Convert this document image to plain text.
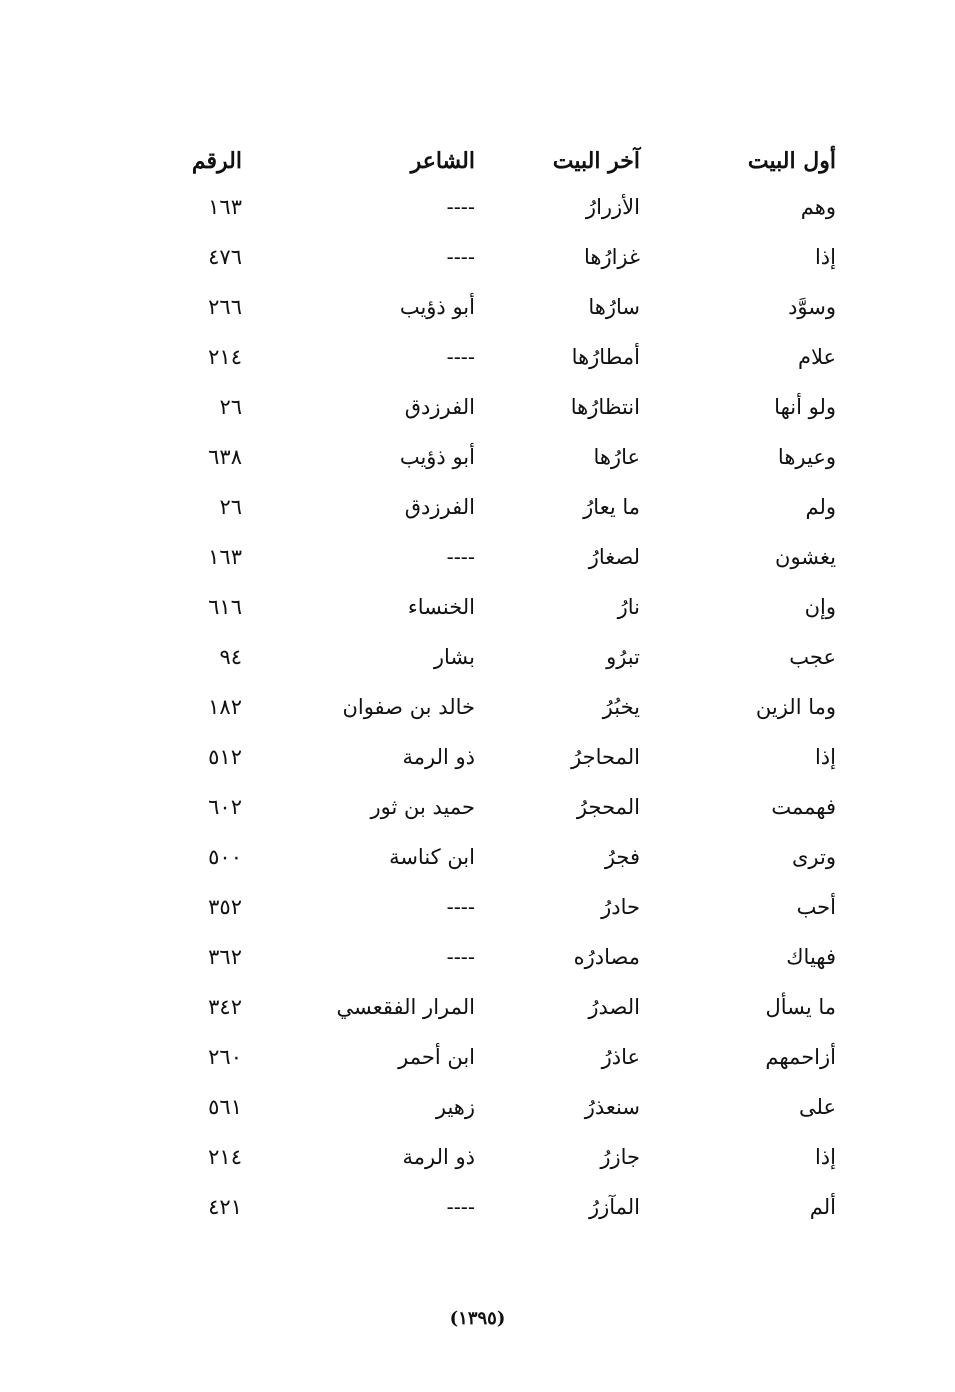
أول البيت
آخر البيت
الشاعر
الرقم
وهم
الأزرارُ
----
١٦٣
إذا
غزارُها
----
٤٧٦
وسوَّد
سارُها
أبو ذؤيب
٢٦٦
علام
أمطارُها
----
٢١٤
ولو أنها
انتظارُها
الفرزدق
٢٦
وعيرها
عارُها
أبو ذؤيب
٦٣٨
ولم
ما يعارُ
الفرزدق
٢٦
يغشون
لصغارُ
----
١٦٣
وإن
نارُ
الخنساء
٦١٦
عجب
تبرُو
بشار
٩٤
وما الزين
يخبُرُ
خالد بن صفوان
١٨٢
إذا
المحاجرُ
ذو الرمة
٥١٢
فهممت
المحجرُ
حميد بن ثور
٦٠٢
وترى
فجرُ
ابن كناسة
٥٠٠
أحب
حادرُ
----
٣٥٢
فهياك
مصادرُه
----
٣٦٢
ما يسأل
الصدرُ
المرار الفقعسي
٣٤٢
أزاحمهم
عاذرُ
ابن أحمر
٢٦٠
على
سنعذرُ
زهير
٥٦١
إذا
جازرُ
ذو الرمة
٢١٤
ألم
المآزرُ
----
٤٢١
(١٣٩٥)
